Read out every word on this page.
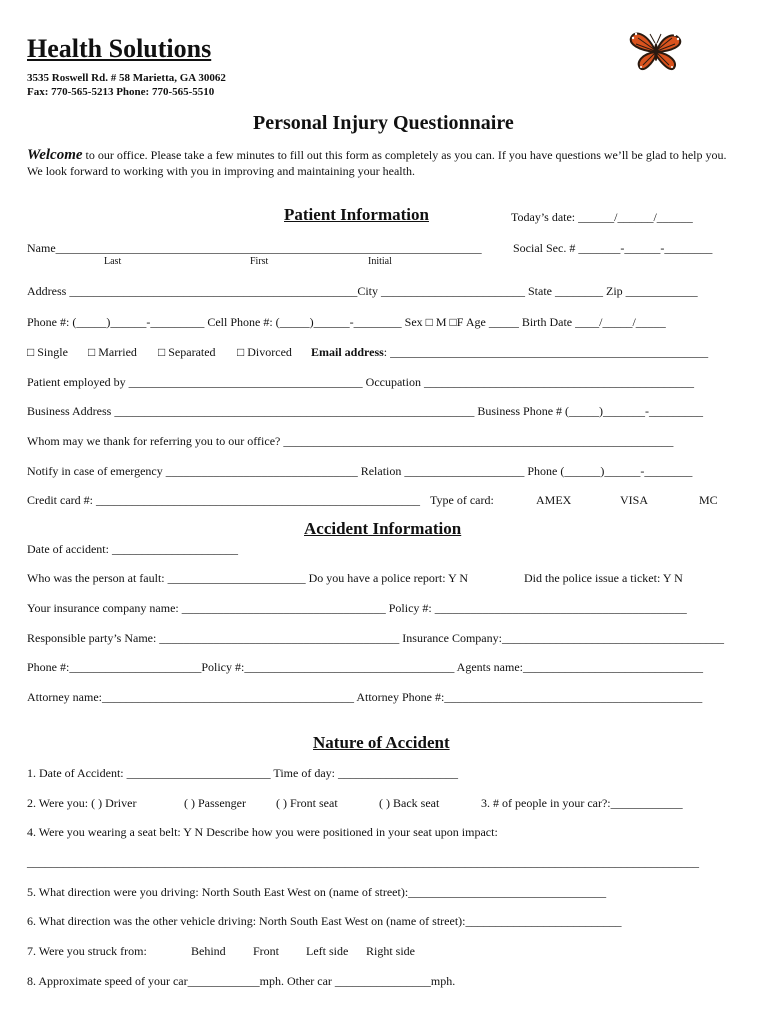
Health Solutions
3535 Roswell Rd. # 58 Marietta, GA 30062
Fax: 770-565-5213 Phone: 770-565-5510
Personal Injury Questionnaire
Welcome to our office. Please take a few minutes to fill out this form as completely as you can. If you have questions we’ll be glad to help you. We look forward to working with you in improving and maintaining your health.
Patient Information	Today’s date: ______/______/______
Name_______________________________________________________________________	Social Sec. # _______-______-________
Last	First	Initial
Address ________________________________________________City ________________________ State ________ Zip ____________
Phone #: (_____)______-_________ Cell Phone #: (_____)______-________ Sex □ M □F Age _____ Birth Date ____/_____/_____
□ Single □ Married □ Separated □ Divorced Email address: _____________________________________________________
Patient employed by _______________________________________ Occupation _____________________________________________
Business Address ____________________________________________________________ Business Phone # (_____)_______-_________
Whom may we thank for referring you to our office? _________________________________________________________________
Notify in case of emergency ________________________________ Relation ____________________ Phone (______)______-________
Credit card #: ______________________________________________________ Type of card:	AMEX	VISA	MC
Accident Information
Date of accident: _____________________
Who was the person at fault: _______________________ Do you have a police report: Y N	Did the police issue a ticket: Y N
Your insurance company name: __________________________________ Policy #: __________________________________________
Responsible party’s Name: ________________________________________ Insurance Company:_____________________________________
Phone #:______________________Policy #:___________________________________ Agents name:______________________________
Attorney name:__________________________________________ Attorney Phone #:___________________________________________
Nature of Accident
1. Date of Accident: ________________________ Time of day: ____________________
2. Were you: ( ) Driver	( ) Passenger	( ) Front seat	( ) Back seat	3. # of people in your car?:____________
4. Were you wearing a seat belt: Y N Describe how you were positioned in your seat upon impact:
________________________________________________________________________________________________________________
5. What direction were you driving: North South East West on (name of street):_________________________________
6. What direction was the other vehicle driving: North South East West on (name of street):__________________________
7. Were you struck from:	Behind Front Left side Right side
8. Approximate speed of your car____________mph. Other car ________________mph.
